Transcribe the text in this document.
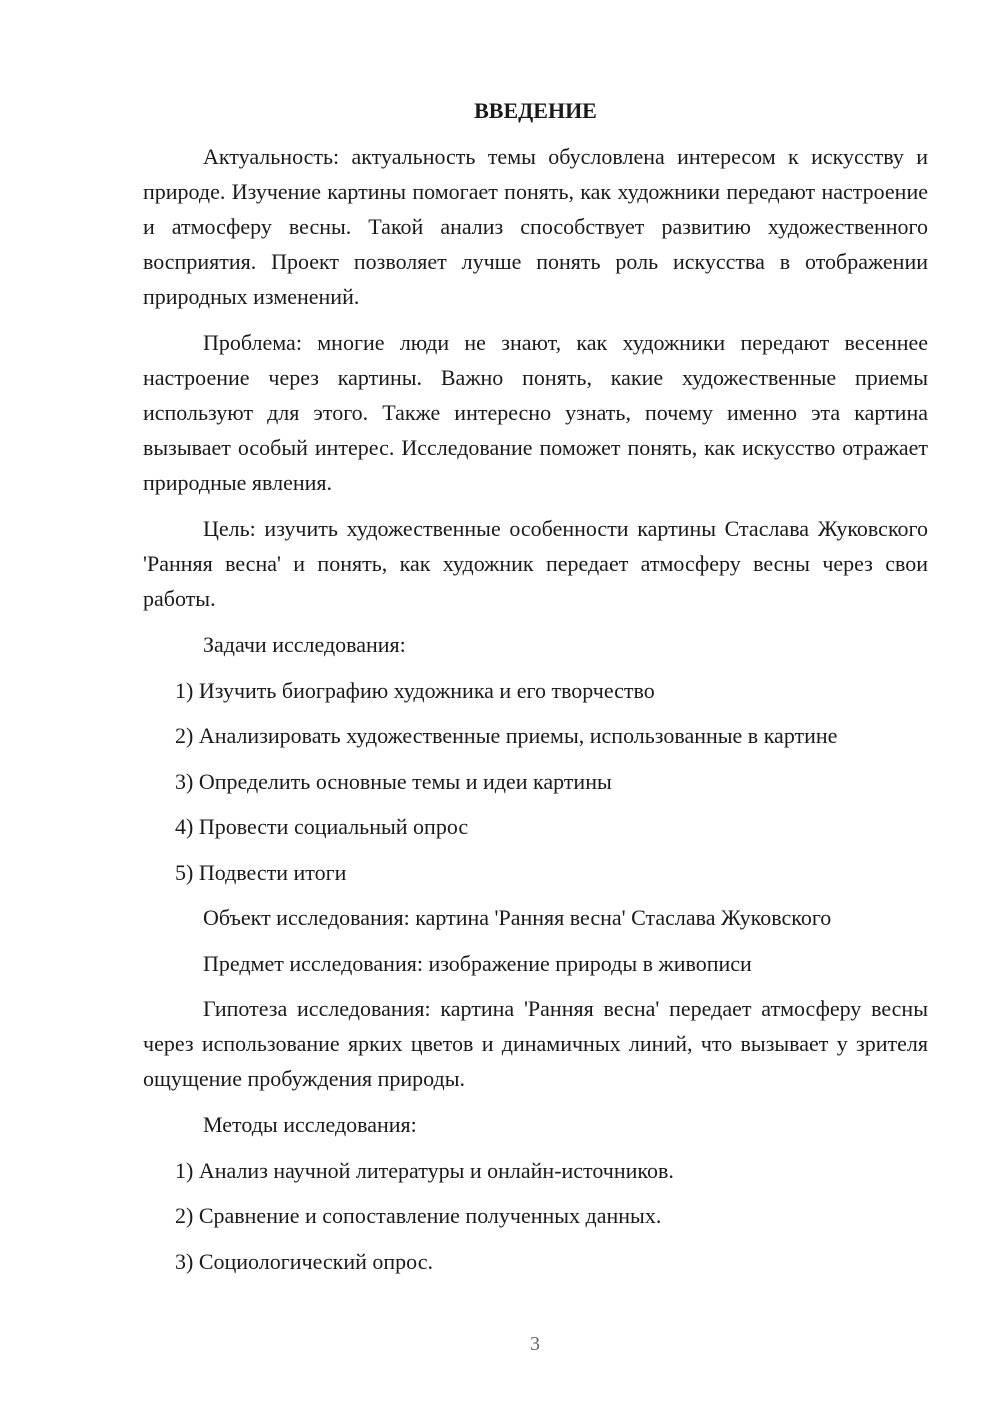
ВВЕДЕНИЕ

Актуальность: актуальность темы обусловлена интересом к искусству и природе. Изучение картины помогает понять, как художники передают настроение и атмосферу весны. Такой анализ способствует развитию художественного восприятия. Проект позволяет лучше понять роль искусства в отображении природных изменений.

Проблема: многие люди не знают, как художники передают весеннее настроение через картины. Важно понять, какие художественные приемы используют для этого. Также интересно узнать, почему именно эта картина вызывает особый интерес. Исследование поможет понять, как искусство отражает природные явления.

Цель: изучить художественные особенности картины Стаслава Жуковского 'Ранняя весна' и понять, как художник передает атмосферу весны через свои работы.

Задачи исследования:
1) Изучить биографию художника и его творчество
2) Анализировать художественные приемы, использованные в картине
3) Определить основные темы и идеи картины
4) Провести социальный опрос
5) Подвести итоги
Объект исследования: картина 'Ранняя весна' Стаслава Жуковского
Предмет исследования: изображение природы в живописи

Гипотеза исследования: картина 'Ранняя весна' передает атмосферу весны через использование ярких цветов и динамичных линий, что вызывает у зрителя ощущение пробуждения природы.

Методы исследования:
1) Анализ научной литературы и онлайн-источников.
2) Сравнение и сопоставление полученных данных.
3) Социологический опрос.
3
